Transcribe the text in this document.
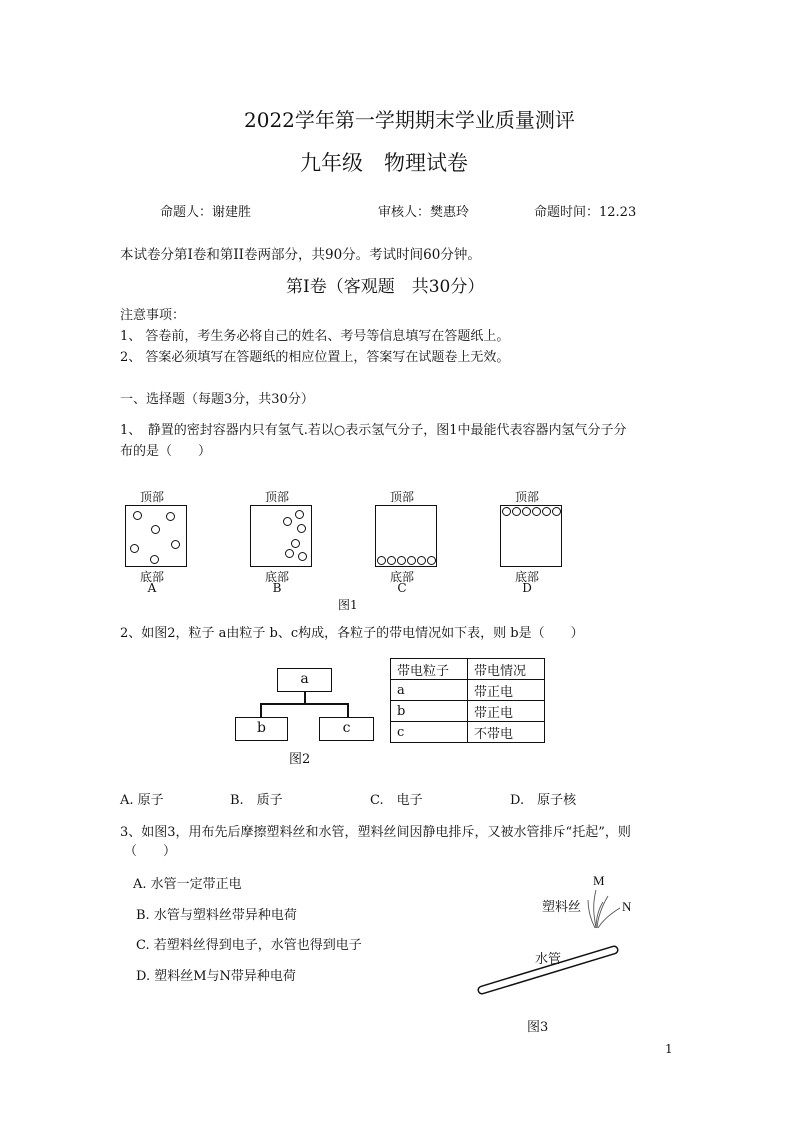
2022学年第一学期期末学业质量测评
九年级　物理试卷
命题人：谢建胜	审核人：樊惠玲	命题时间：12.23
本试卷分第I卷和第II卷两部分，共90分。考试时间60分钟。
第I卷（客观题　共30分）
注意事项：
1、 答卷前，考生务必将自己的姓名、考号等信息填写在答题纸上。
2、 答案必须填写在答题纸的相应位置上，答案写在试题卷上无效。
一、选择题（每题3分，共30分）
1、　静置的密封容器内只有氢气.若以○表示氢气分子，图1中最能代表容器内氢气分子分
布的是（　　）
顶部
底部
A
顶部
底部
B
顶部
底部
C
顶部
底部
D
图1
2、如图2，粒子 a由粒子 b、c构成，各粒子的带电情况如下表，则 b是（　　）
a
b	c
图2
带电粒子	带电情况
a	带正电
b	带正电
c	不带电
A. 原子	B.　质子	C.　电子	D.　原子核
3、如图3，用布先后摩擦塑料丝和水管，塑料丝间因静电排斥，又被水管排斥“托起”，则
（　　）
A. 水管一定带正电
B. 水管与塑料丝带异种电荷
C. 若塑料丝得到电子，水管也得到电子
D. 塑料丝M与N带异种电荷
M
N
塑料丝
水管
图3
1
